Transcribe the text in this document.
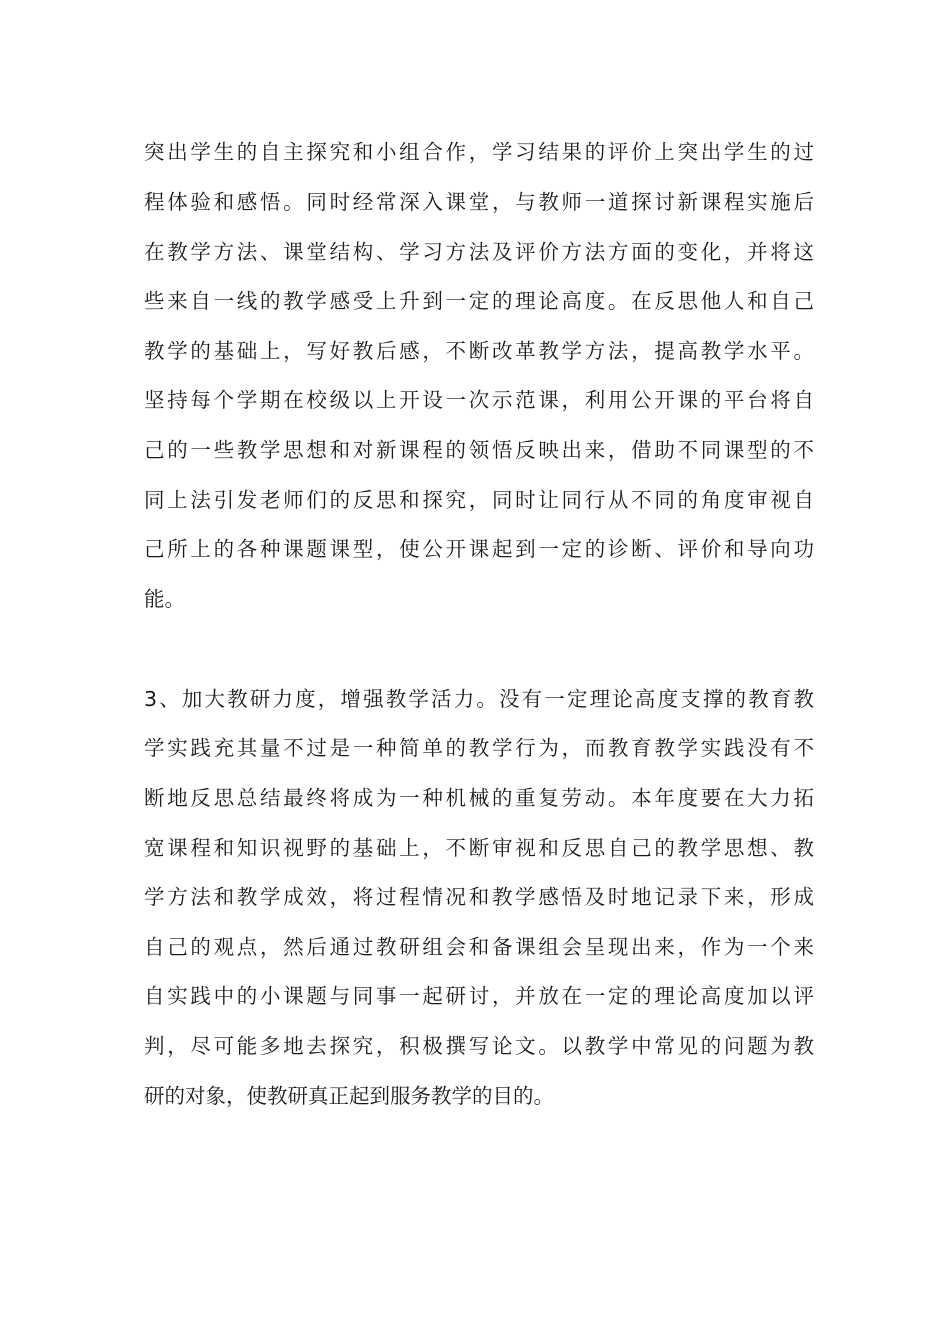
突出学生的自主探究和小组合作，学习结果的评价上突出学生的过

程体验和感悟。同时经常深入课堂，与教师一道探讨新课程实施后

在教学方法、课堂结构、学习方法及评价方法方面的变化，并将这

些来自一线的教学感受上升到一定的理论高度。在反思他人和自己

教学的基础上，写好教后感，不断改革教学方法，提高教学水平。

坚持每个学期在校级以上开设一次示范课，利用公开课的平台将自

己的一些教学思想和对新课程的领悟反映出来，借助不同课型的不

同上法引发老师们的反思和探究，同时让同行从不同的角度审视自

己所上的各种课题课型，使公开课起到一定的诊断、评价和导向功

能。

3、加大教研力度，增强教学活力。没有一定理论高度支撑的教育教

学实践充其量不过是一种简单的教学行为，而教育教学实践没有不

断地反思总结最终将成为一种机械的重复劳动。本年度要在大力拓

宽课程和知识视野的基础上，不断审视和反思自己的教学思想、教

学方法和教学成效，将过程情况和教学感悟及时地记录下来，形成

自己的观点，然后通过教研组会和备课组会呈现出来，作为一个来

自实践中的小课题与同事一起研讨，并放在一定的理论高度加以评

判，尽可能多地去探究，积极撰写论文。以教学中常见的问题为教

研的对象，使教研真正起到服务教学的目的。
